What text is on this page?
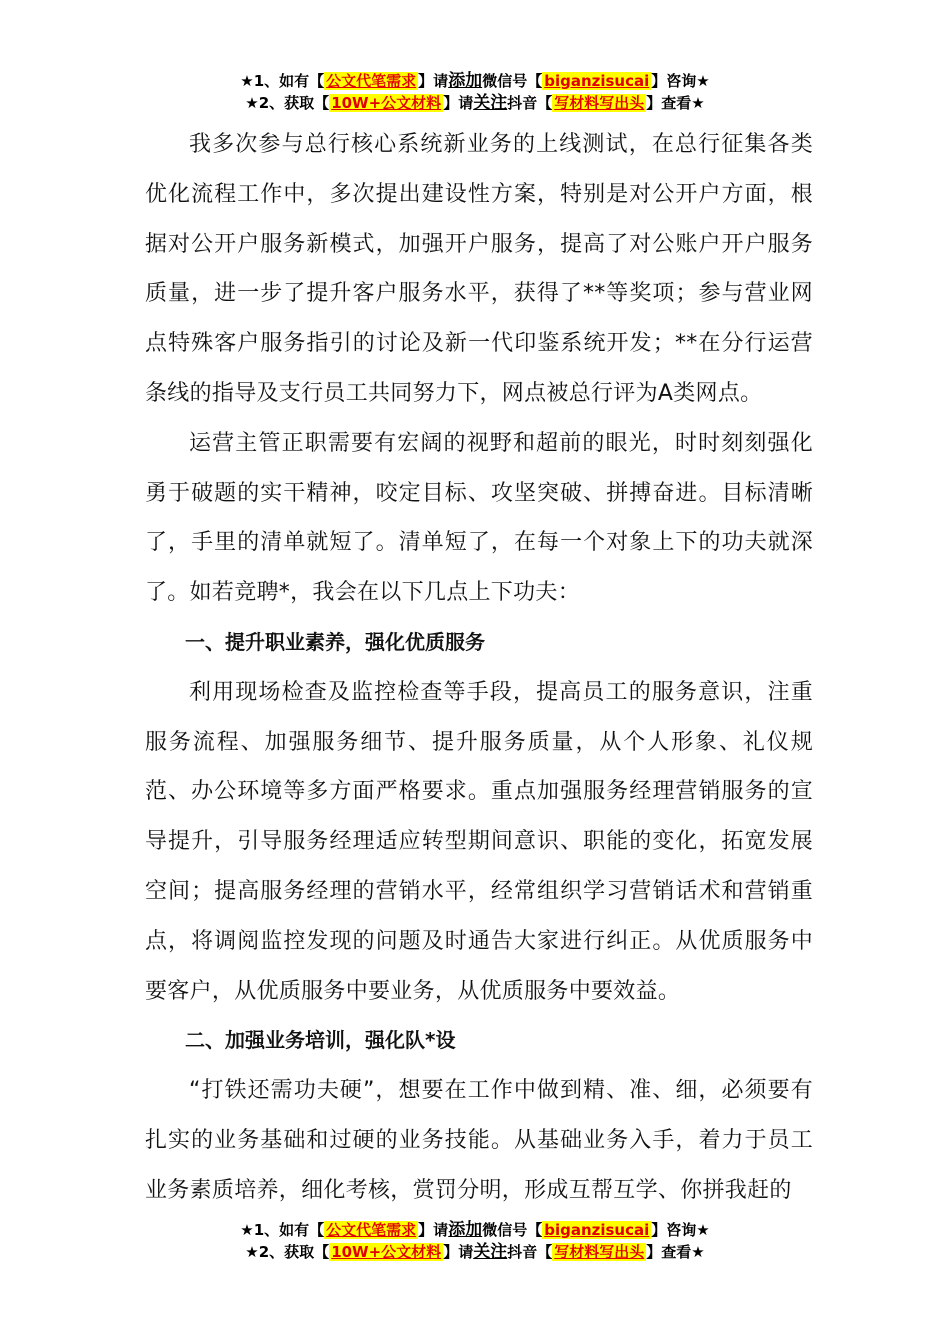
★1、如有【 公文代笔需求 】请添加微信号【 biganzisucai 】咨询★
★2、获取【 10W+公文材料 】请关注抖音【 写材料写出头 】查看★

我多次参与总行核心系统新业务的上线测试，在总行征集各类优化流程工作中，多次提出建设性方案，特别是对公开户方面，根据对公开户服务新模式，加强开户服务，提高了对公账户开户服务质量，进一步了提升客户服务水平，获得了**等奖项；参与营业网点特殊客户服务指引的讨论及新一代印鉴系统开发；**在分行运营条线的指导及支行员工共同努力下，网点被总行评为A类网点。

运营主管正职需要有宏阔的视野和超前的眼光，时时刻刻强化勇于破题的实干精神，咬定目标、攻坚突破、拼搏奋进。目标清晰了，手里的清单就短了。清单短了，在每一个对象上下的功夫就深了。如若竞聘*，我会在以下几点上下功夫：

一、提升职业素养，强化优质服务

利用现场检查及监控检查等手段，提高员工的服务意识，注重服务流程、加强服务细节、提升服务质量，从个人形象、礼仪规范、办公环境等多方面严格要求。重点加强服务经理营销服务的宣导提升，引导服务经理适应转型期间意识、职能的变化，拓宽发展空间；提高服务经理的营销水平，经常组织学习营销话术和营销重点，将调阅监控发现的问题及时通告大家进行纠正。从优质服务中要客户，从优质服务中要业务，从优质服务中要效益。

二、加强业务培训，强化队*设

“打铁还需功夫硬”，想要在工作中做到精、准、细，必须要有扎实的业务基础和过硬的业务技能。从基础业务入手，着力于员工业务素质培养，细化考核，赏罚分明，形成互帮互学、你拼我赶的

★1、如有【 公文代笔需求 】请添加微信号【 biganzisucai 】咨询★
★2、获取【 10W+公文材料 】请关注抖音【 写材料写出头 】查看★
